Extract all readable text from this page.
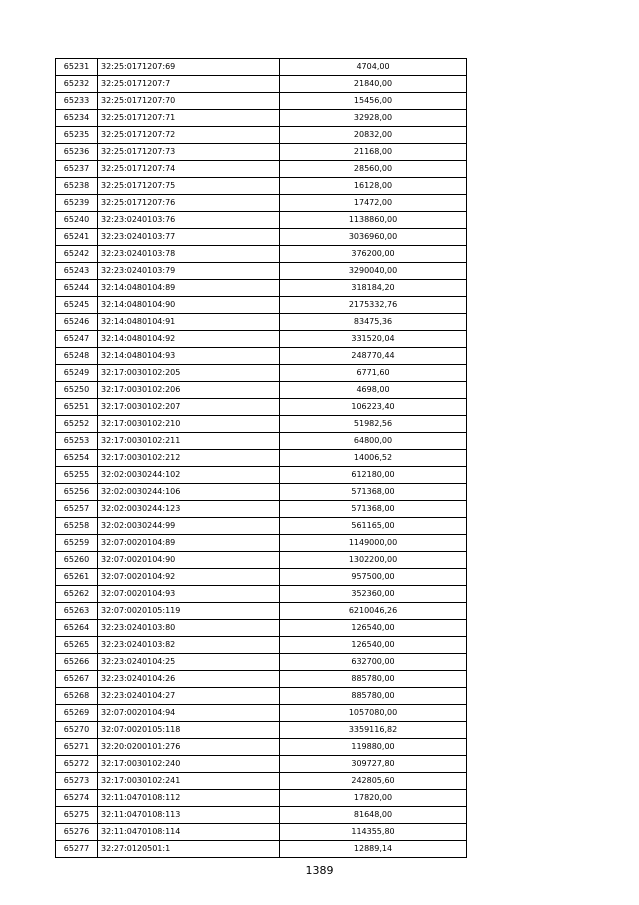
65231	32:25:0171207:69	4704,00
65232	32:25:0171207:7	21840,00
65233	32:25:0171207:70	15456,00
65234	32:25:0171207:71	32928,00
65235	32:25:0171207:72	20832,00
65236	32:25:0171207:73	21168,00
65237	32:25:0171207:74	28560,00
65238	32:25:0171207:75	16128,00
65239	32:25:0171207:76	17472,00
65240	32:23:0240103:76	1138860,00
65241	32:23:0240103:77	3036960,00
65242	32:23:0240103:78	376200,00
65243	32:23:0240103:79	3290040,00
65244	32:14:0480104:89	318184,20
65245	32:14:0480104:90	2175332,76
65246	32:14:0480104:91	83475,36
65247	32:14:0480104:92	331520,04
65248	32:14:0480104:93	248770,44
65249	32:17:0030102:205	6771,60
65250	32:17:0030102:206	4698,00
65251	32:17:0030102:207	106223,40
65252	32:17:0030102:210	51982,56
65253	32:17:0030102:211	64800,00
65254	32:17:0030102:212	14006,52
65255	32:02:0030244:102	612180,00
65256	32:02:0030244:106	571368,00
65257	32:02:0030244:123	571368,00
65258	32:02:0030244:99	561165,00
65259	32:07:0020104:89	1149000,00
65260	32:07:0020104:90	1302200,00
65261	32:07:0020104:92	957500,00
65262	32:07:0020104:93	352360,00
65263	32:07:0020105:119	6210046,26
65264	32:23:0240103:80	126540,00
65265	32:23:0240103:82	126540,00
65266	32:23:0240104:25	632700,00
65267	32:23:0240104:26	885780,00
65268	32:23:0240104:27	885780,00
65269	32:07:0020104:94	1057080,00
65270	32:07:0020105:118	3359116,82
65271	32:20:0200101:276	119880,00
65272	32:17:0030102:240	309727,80
65273	32:17:0030102:241	242805,60
65274	32:11:0470108:112	17820,00
65275	32:11:0470108:113	81648,00
65276	32:11:0470108:114	114355,80
65277	32:27:0120501:1	12889,14
1389
